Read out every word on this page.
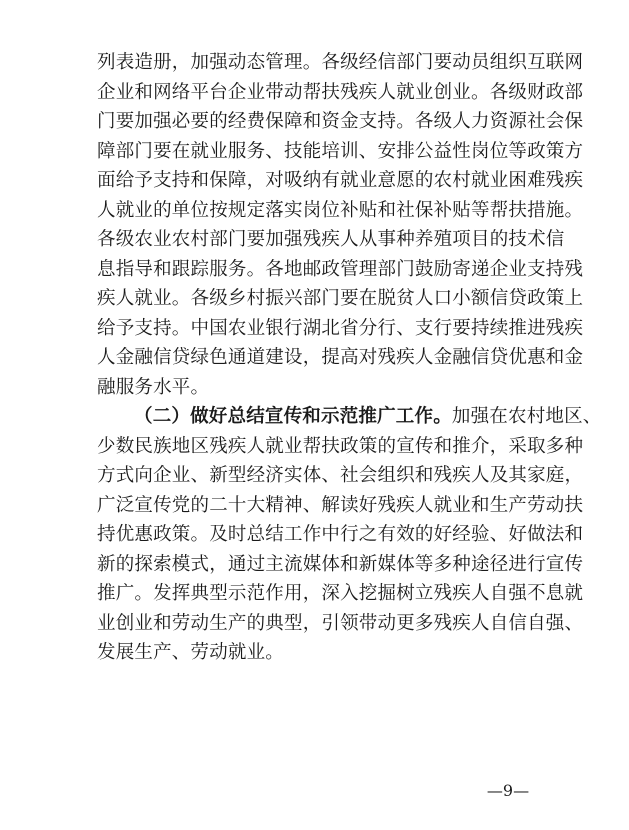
列表造册，加强动态管理。各级经信部门要动员组织互联网
企业和网络平台企业带动帮扶残疾人就业创业。各级财政部
门要加强必要的经费保障和资金支持。各级人力资源社会保
障部门要在就业服务、技能培训、安排公益性岗位等政策方
面给予支持和保障，对吸纳有就业意愿的农村就业困难残疾
人就业的单位按规定落实岗位补贴和社保补贴等帮扶措施。
各级农业农村部门要加强残疾人从事种养殖项目的技术信
息指导和跟踪服务。各地邮政管理部门鼓励寄递企业支持残
疾人就业。各级乡村振兴部门要在脱贫人口小额信贷政策上
给予支持。中国农业银行湖北省分行、支行要持续推进残疾
人金融信贷绿色通道建设，提高对残疾人金融信贷优惠和金
融服务水平。
（二）做好总结宣传和示范推广工作。加强在农村地区、
少数民族地区残疾人就业帮扶政策的宣传和推介，采取多种
方式向企业、新型经济实体、社会组织和残疾人及其家庭，
广泛宣传党的二十大精神、解读好残疾人就业和生产劳动扶
持优惠政策。及时总结工作中行之有效的好经验、好做法和
新的探索模式，通过主流媒体和新媒体等多种途径进行宣传
推广。发挥典型示范作用，深入挖掘树立残疾人自强不息就
业创业和劳动生产的典型，引领带动更多残疾人自信自强、
发展生产、劳动就业。
—9—
